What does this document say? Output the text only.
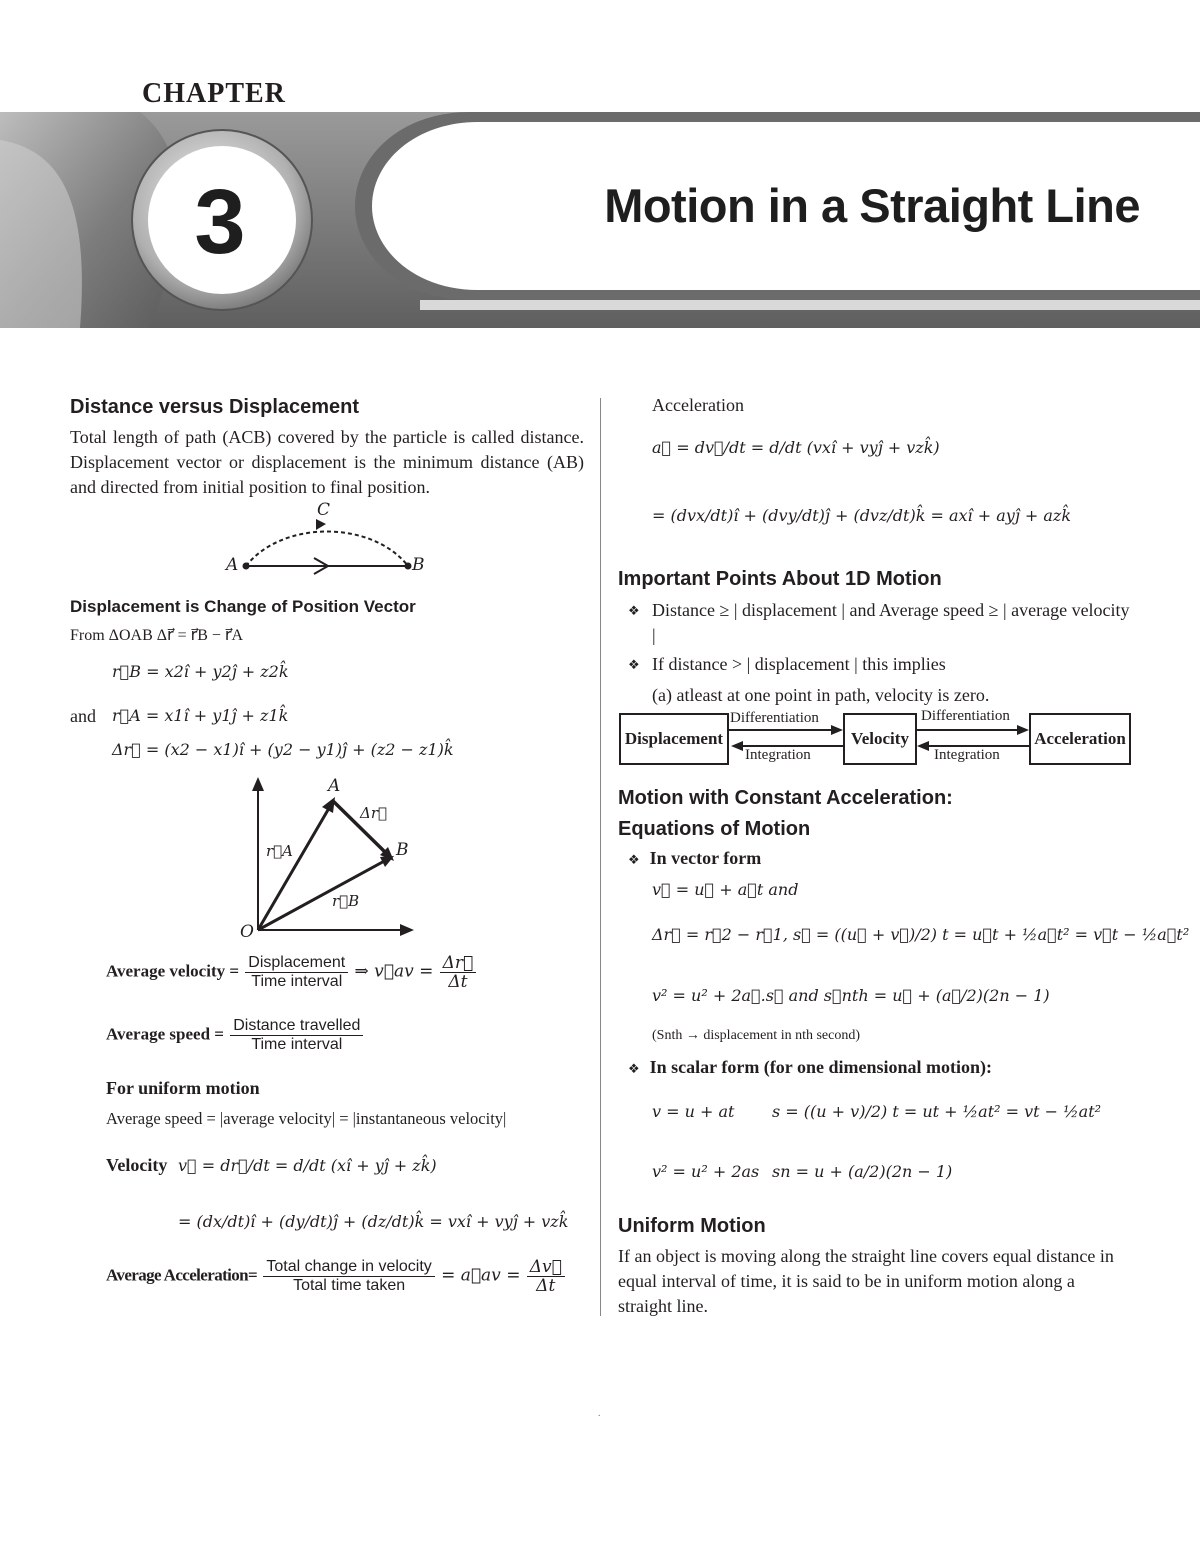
CHAPTER
3	Motion in a Straight Line
Distance versus Displacement
Total length of path (ACB) covered by the particle is called distance. Displacement vector or displacement is the minimum distance (AB) and directed from initial position to final position.
C
A	B
Displacement is Change of Position Vector
From ΔOAB Δr⃗ = r⃗B − r⃗A
r⃗B = x2î + y2ĵ + z2k̂
and r⃗A = x1î + y1ĵ + z1k̂
Δr⃗ = (x2 − x1)î + (y2 − y1)ĵ + (z2 − z1)k̂
A
B
O
Δr⃗
r⃗A
r⃗B
Average velocity = $\frac{\text{Displacement}}{\text{Time interval}}$ ⇒ v⃗av = $\frac{\Delta r⃗}{\Delta t}$
Average speed = $\frac{\text{Distance travelled}}{\text{Time interval}}$
For uniform motion
Average speed = |average velocity| = |instantaneous velocity|
Velocity v⃗ = dr⃗/dt = d/dt (xî + yĵ + zk̂)
= (dx/dt)î + (dy/dt)ĵ + (dz/dt)k̂ = vxî + vyĵ + vzk̂
Average Acceleration= $\frac{\text{Total change in velocity}}{\text{Total time taken}}$ = a⃗av = $\frac{\Delta v⃗}{\Delta t}$
Acceleration
a⃗ = dv⃗/dt = d/dt (vxî + vyĵ + vzk̂)
= (dvx/dt)î + (dvy/dt)ĵ + (dvz/dt)k̂ = axî + ayĵ + azk̂
Important Points About 1D Motion
❖ Distance ≥ | displacement | and Average speed ≥ | average velocity |
❖ If distance > | displacement | this implies
(a) atleast at one point in path, velocity is zero.
Displacement	Velocity	Acceleration
Differentiation
Integration
Differentiation
Integration
Motion with Constant Acceleration:
Equations of Motion
❖ In vector form
v⃗ = u⃗ + a⃗t and
Δr⃗ = r⃗2 − r⃗1, s⃗ = ((u⃗ + v⃗)/2) t = u⃗t + ½a⃗t² = v⃗t − ½a⃗t²
v² = u² + 2a⃗.s⃗ and s⃗nth = u⃗ + (a⃗/2)(2n − 1)
(Snth → displacement in nth second)
❖ In scalar form (for one dimensional motion):
v = u + at s = ((u + v)/2) t = ut + ½at² = vt − ½at²
v² = u² + 2as sn = u + (a/2)(2n − 1)
Uniform Motion
If an object is moving along the straight line covers equal distance in equal interval of time, it is said to be in uniform motion along a straight line.
.
